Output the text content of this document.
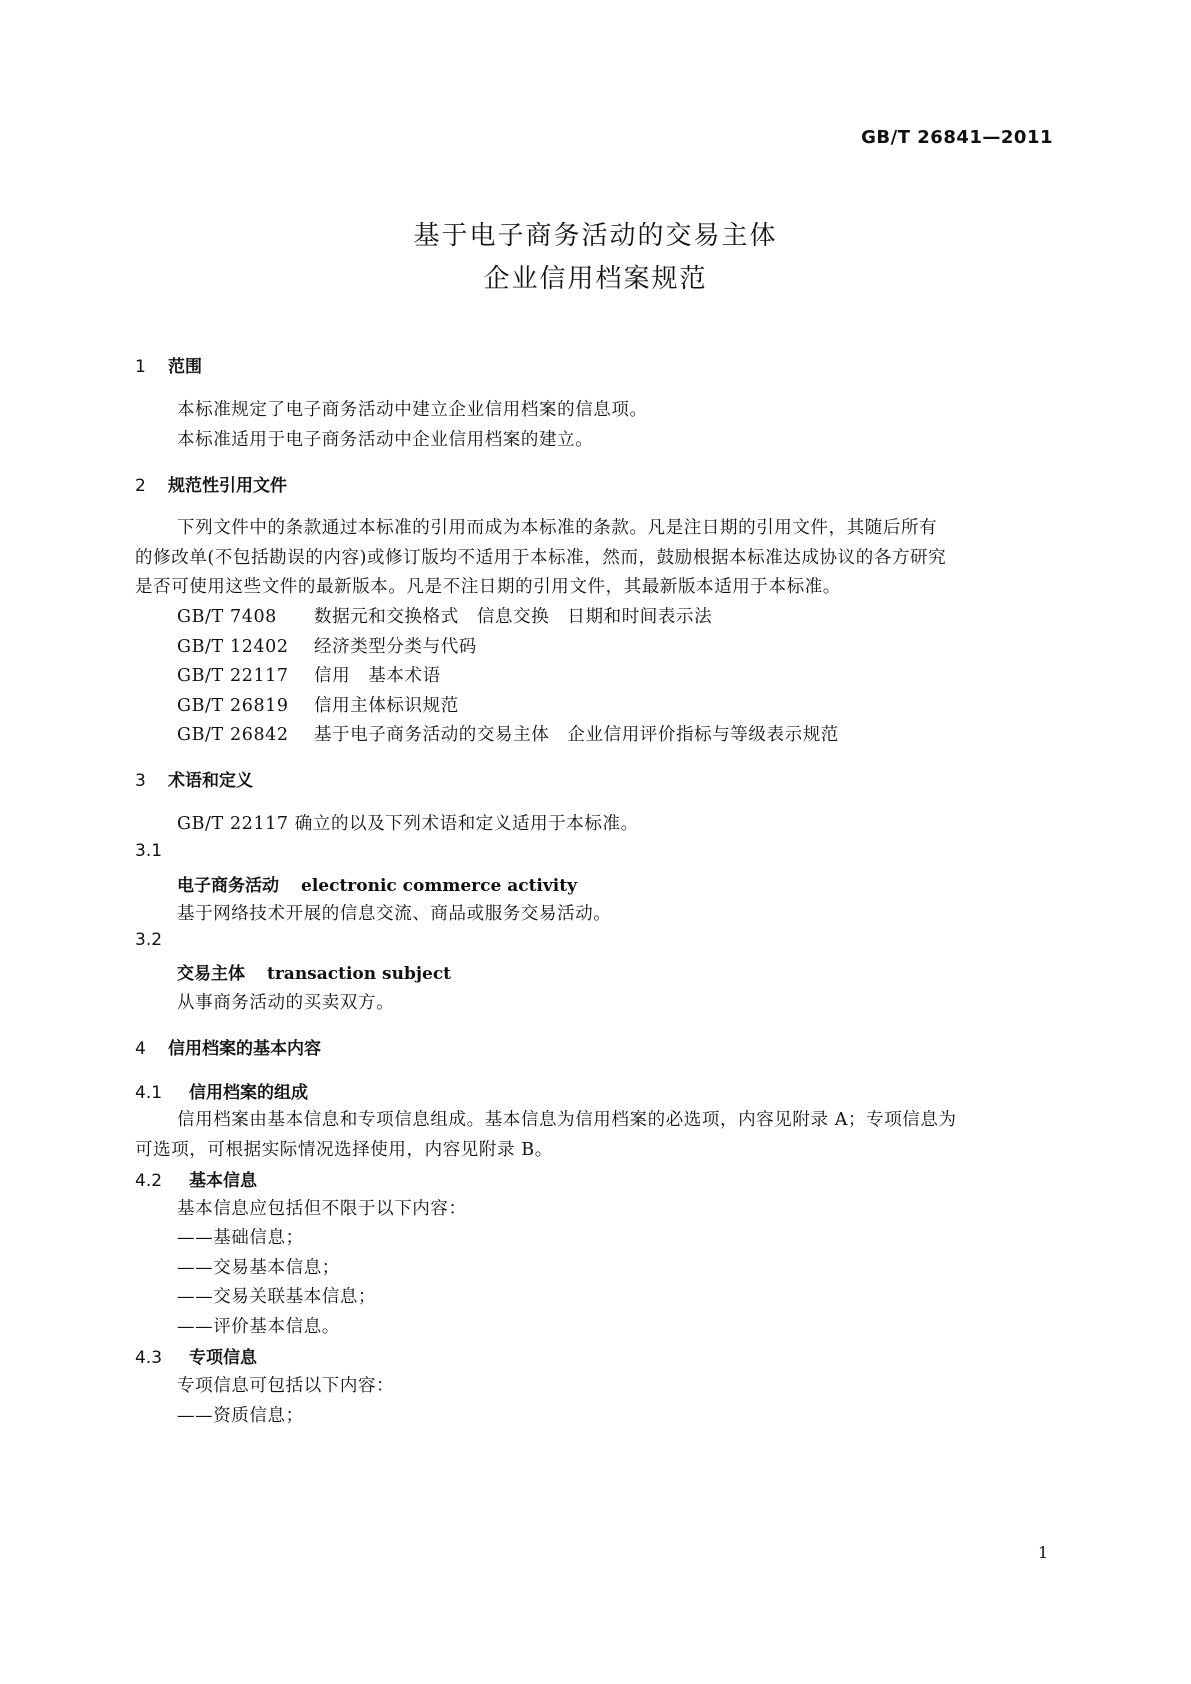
GB/T 26841—2011
基于电子商务活动的交易主体
企业信用档案规范
1 范围
本标准规定了电子商务活动中建立企业信用档案的信息项。
本标准适用于电子商务活动中企业信用档案的建立。
2 规范性引用文件
下列文件中的条款通过本标准的引用而成为本标准的条款。凡是注日期的引用文件，其随后所有
的修改单(不包括勘误的内容)或修订版均不适用于本标准，然而，鼓励根据本标准达成协议的各方研究
是否可使用这些文件的最新版本。凡是不注日期的引用文件，其最新版本适用于本标准。
GB/T 7408 数据元和交换格式　信息交换　日期和时间表示法
GB/T 12402 经济类型分类与代码
GB/T 22117 信用　基本术语
GB/T 26819 信用主体标识规范
GB/T 26842 基于电子商务活动的交易主体　企业信用评价指标与等级表示规范
3 术语和定义
GB/T 22117 确立的以及下列术语和定义适用于本标准。
3.1
电子商务活动 electronic commerce activity
基于网络技术开展的信息交流、商品或服务交易活动。
3.2
交易主体 transaction subject
从事商务活动的买卖双方。
4 信用档案的基本内容
4.1 信用档案的组成
信用档案由基本信息和专项信息组成。基本信息为信用档案的必选项，内容见附录 A；专项信息为
可选项，可根据实际情况选择使用，内容见附录 B。
4.2 基本信息
基本信息应包括但不限于以下内容：
——基础信息；
——交易基本信息；
——交易关联基本信息；
——评价基本信息。
4.3 专项信息
专项信息可包括以下内容：
——资质信息；
1
